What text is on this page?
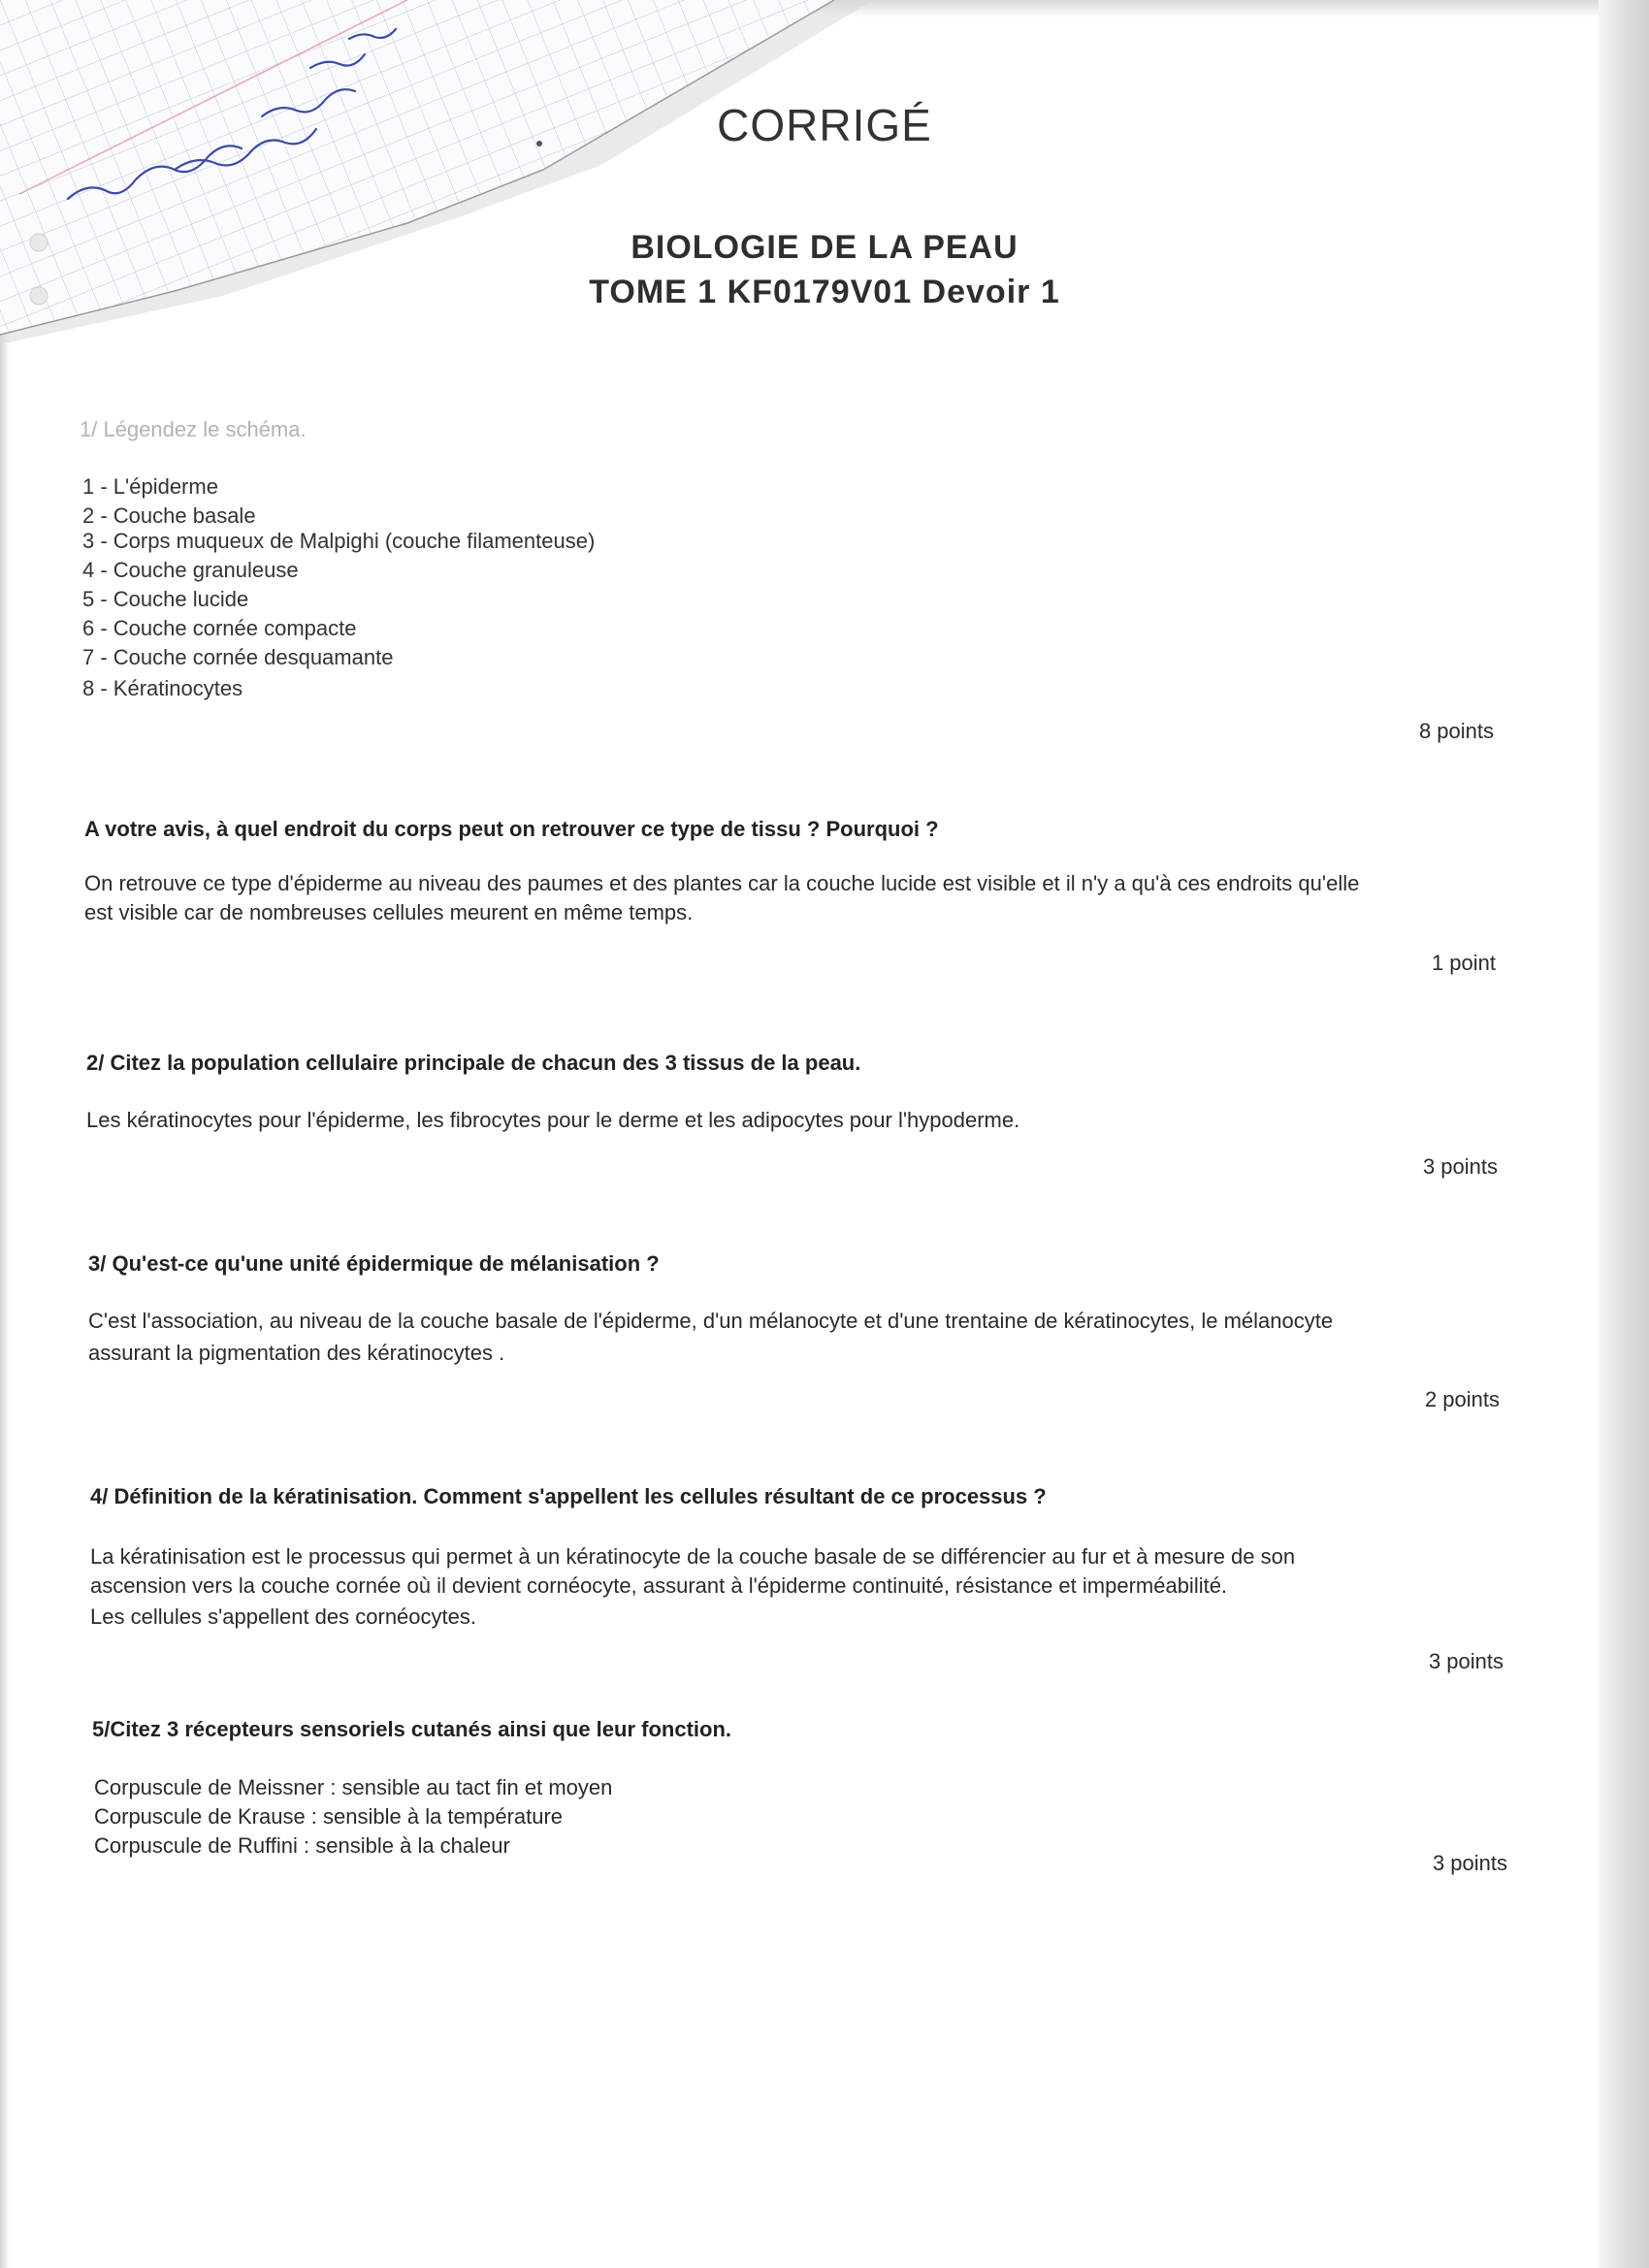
CORRIGÉ
BIOLOGIE DE LA PEAU
TOME 1 KF0179V01 Devoir 1

1/ Légendez le schéma.

1 - L'épiderme

2 - Couche basale

3 - Corps muqueux de Malpighi (couche filamenteuse)

4 - Couche granuleuse

5 - Couche lucide

6 - Couche cornée compacte

7 - Couche cornée desquamante

8 - Kératinocytes

8 points

A votre avis, à quel endroit du corps peut on retrouver ce type de tissu ? Pourquoi ?

On retrouve ce type d'épiderme au niveau des paumes et des plantes car la couche lucide est visible et il n'y a qu'à ces endroits qu'elle

est visible car de nombreuses cellules meurent en même temps.

1 point

2/ Citez la population cellulaire principale de chacun des 3 tissus de la peau.

Les kératinocytes pour l'épiderme, les fibrocytes pour le derme et les adipocytes pour l'hypoderme.

3 points

3/ Qu'est-ce qu'une unité épidermique de mélanisation ?

C'est l'association, au niveau de la couche basale de l'épiderme, d'un mélanocyte et d'une trentaine de kératinocytes, le mélanocyte

assurant la pigmentation des kératinocytes .

2 points

4/ Définition de la kératinisation. Comment s'appellent les cellules résultant de ce processus ?

La kératinisation est le processus qui permet à un kératinocyte de la couche basale de se différencier au fur et à mesure de son

ascension vers la couche cornée où il devient cornéocyte, assurant à l'épiderme continuité, résistance et imperméabilité.

Les cellules s'appellent des cornéocytes.

3 points

5/Citez 3 récepteurs sensoriels cutanés ainsi que leur fonction.

Corpuscule de Meissner : sensible au tact fin et moyen

Corpuscule de Krause : sensible à la température

Corpuscule de Ruffini : sensible à la chaleur

3 points
